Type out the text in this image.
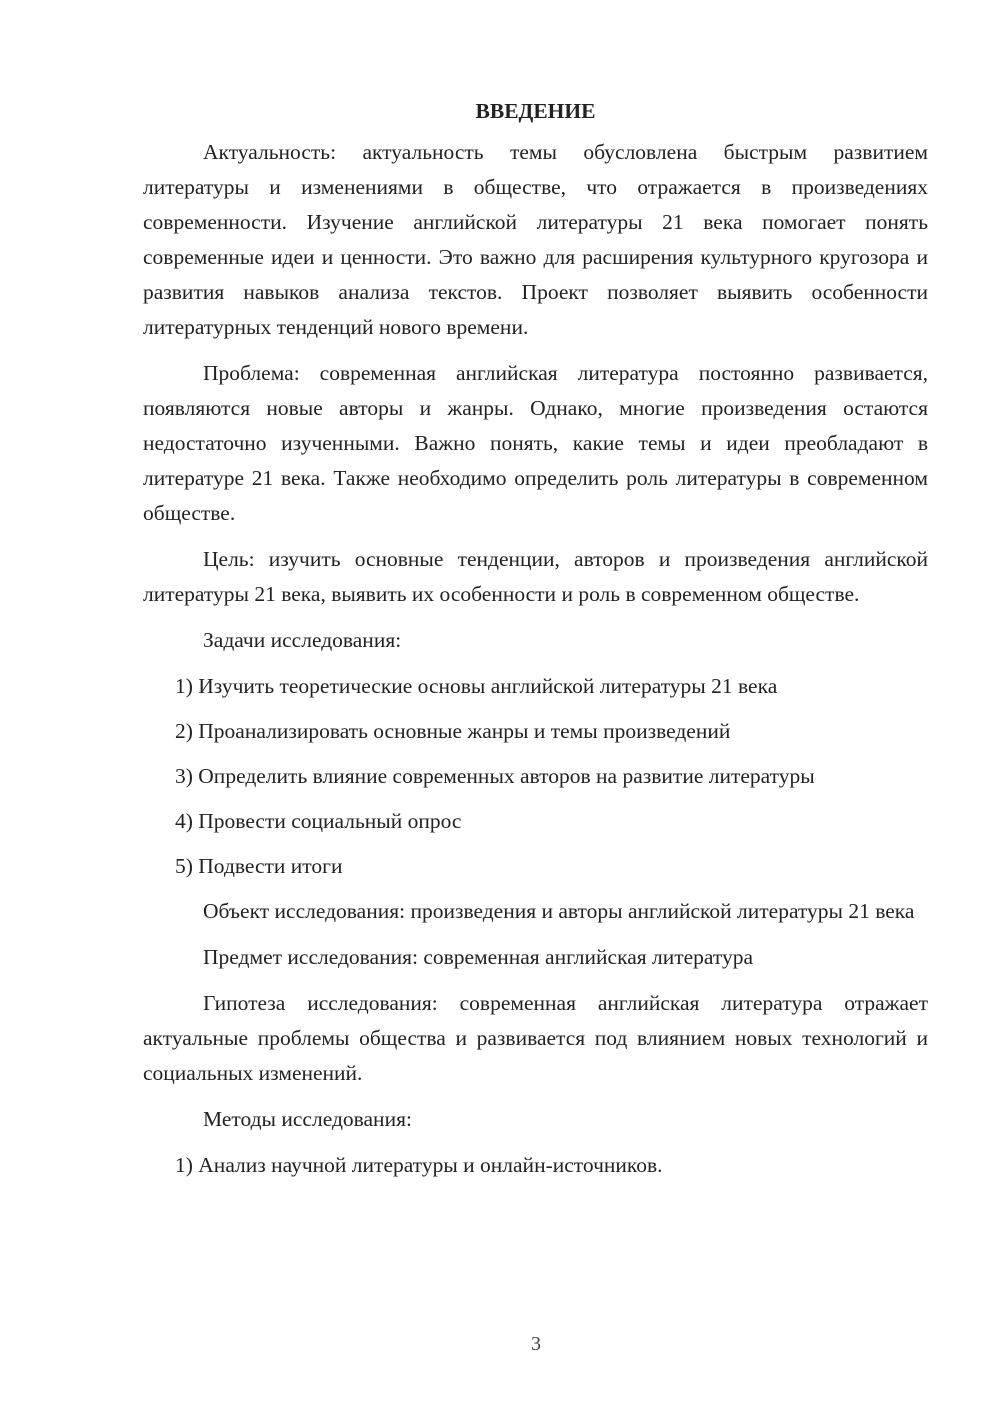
ВВЕДЕНИЕ

Актуальность: актуальность темы обусловлена быстрым развитием литературы и изменениями в обществе, что отражается в произведениях современности. Изучение английской литературы 21 века помогает понять современные идеи и ценности. Это важно для расширения культурного кругозора и развития навыков анализа текстов. Проект позволяет выявить особенности литературных тенденций нового времени.

Проблема: современная английская литература постоянно развивается, появляются новые авторы и жанры. Однако, многие произведения остаются недостаточно изученными. Важно понять, какие темы и идеи преобладают в литературе 21 века. Также необходимо определить роль литературы в современном обществе.

Цель: изучить основные тенденции, авторов и произведения английской литературы 21 века, выявить их особенности и роль в современном обществе.

Задачи исследования:

1) Изучить теоретические основы английской литературы 21 века
2) Проанализировать основные жанры и темы произведений
3) Определить влияние современных авторов на развитие литературы
4) Провести социальный опрос
5) Подвести итоги

Объект исследования: произведения и авторы английской литературы 21 века

Предмет исследования: современная английская литература

Гипотеза исследования: современная английская литература отражает актуальные проблемы общества и развивается под влиянием новых технологий и социальных изменений.

Методы исследования:

1) Анализ научной литературы и онлайн-источников.
3
